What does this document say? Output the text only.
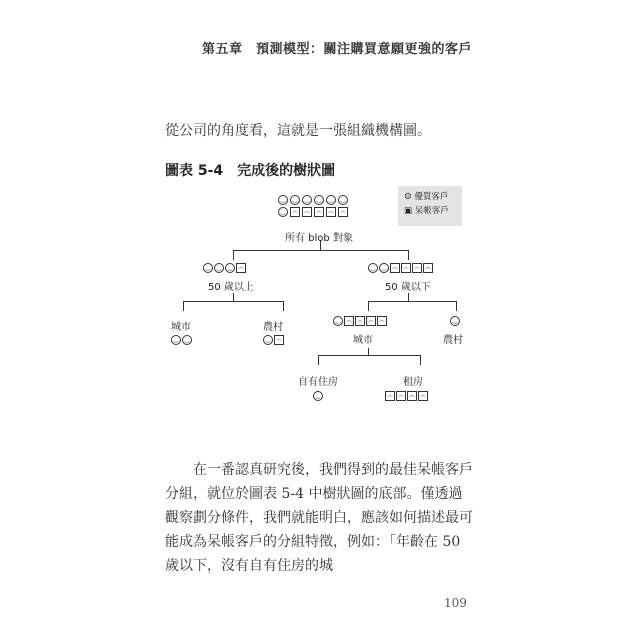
第五章　預測模型：關注購買意願更強的客戶
從公司的角度看，這就是一張組織機構圖。
圖表 5-4 完成後的樹狀圖
☺ 優質客戶
▣ 呆帳客戶
‿	‿	‿	‿	‿	‿
‿	︵ ︵ ︵ ︵ ︵
所有 blob 對象
‿	‿	‿ ︵
50 歲以上
‿	‿ ︵ ︵ ︵ ︵
50 歲以下
城市
‿	‿
農村
‿ ︵
‿ ︵ ︵ ︵ ︵
城市
‿
農村
自有住房
‿
租房
︵ ︵ ︵ ︵

在一番認真研究後，我們得到的最佳呆帳客戶分組，就位於圖表 5-4 中樹狀圖的底部。僅透過觀察劃分條件，我們就能明白，應該如何描述最可能成為呆帳客戶的分組特徵，例如：「年齡在 50 歲以下，沒有自有住房的城

109
